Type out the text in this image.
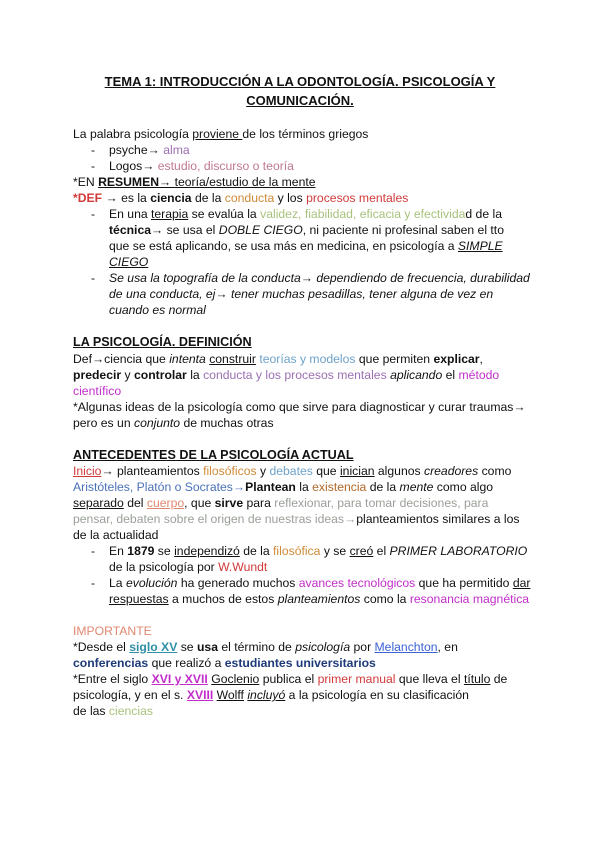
TEMA 1: INTRODUCCIÓN A LA ODONTOLOGÍA. PSICOLOGÍA Y
COMUNICACIÓN.
La palabra psicología proviene de los términos griegos
- psyche→ alma
- Logos→ estudio, discurso o teoría
*EN RESUMEN→ teoría/estudio de la mente
*DEF → es la ciencia de la conducta y los procesos mentales
- En una terapia se evalúa la validez, fiabilidad, eficacia y efectividad de la
técnica→ se usa el DOBLE CIEGO, ni paciente ni profesinal saben el tto
que se está aplicando, se usa más en medicina, en psicología a SIMPLE
CIEGO
- Se usa la topografía de la conducta→ dependiendo de frecuencia, durabilidad
de una conducta, ej→ tener muchas pesadillas, tener alguna de vez en
cuando es normal
LA PSICOLOGÍA. DEFINICIÓN
Def→ciencia que intenta construir teorías y modelos que permiten explicar,
predecir y controlar la conducta y los procesos mentales aplicando el método
científico
*Algunas ideas de la psicología como que sirve para diagnosticar y curar traumas→
pero es un conjunto de muchas otras
ANTECEDENTES DE LA PSICOLOGÍA ACTUAL
Inicio→ planteamientos filosóficos y debates que inician algunos creadores como
Aristóteles, Platón o Socrates→Plantean la existencia de la mente como algo
separado del cuerpo, que sirve para reflexionar, para tomar decisiones, para
pensar, debaten sobre el origen de nuestras ideas→planteamientos similares a los
de la actualidad
- En 1879 se independizó de la filosófica y se creó el PRIMER LABORATORIO
de la psicología por W.Wundt
- La evolución ha generado muchos avances tecnológicos que ha permitido dar
respuestas a muchos de estos planteamientos como la resonancia magnética
IMPORTANTE
*Desde el siglo XV se usa el término de psicología por Melanchton, en
conferencias que realizó a estudiantes universitarios
*Entre el siglo XVI y XVII Goclenio publica el primer manual que lleva el título de
psicología, y en el s. XVIII Wolff incluyó a la psicología en su clasificación
de las ciencias
